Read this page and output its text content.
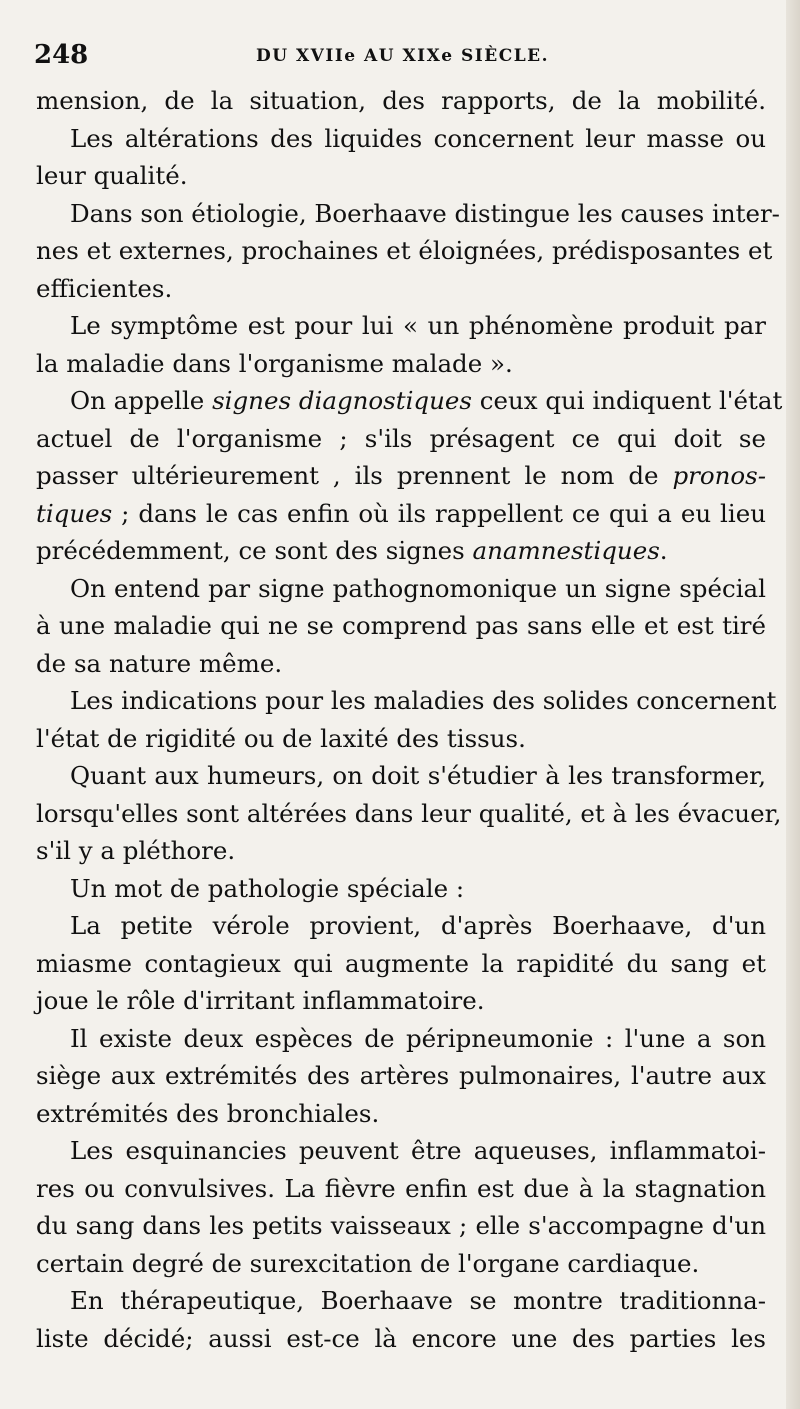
248	DU XVIIe AU XIXe SIÈCLE.
mension, de la situation, des rapports, de la mobilité.
Les altérations des liquides concernent leur masse ou
leur qualité.
Dans son étiologie, Boerhaave distingue les causes inter-
nes et externes, prochaines et éloignées, prédisposantes et
efficientes.
Le symptôme est pour lui « un phénomène produit par
la maladie dans l'organisme malade ».
On appelle signes diagnostiques ceux qui indiquent l'état
actuel de l'organisme ; s'ils présagent ce qui doit se
passer ultérieurement , ils prennent le nom de pronos-
tiques ; dans le cas enfin où ils rappellent ce qui a eu lieu
précédemment, ce sont des signes anamnestiques.
On entend par signe pathognomonique un signe spécial
à une maladie qui ne se comprend pas sans elle et est tiré
de sa nature même.
Les indications pour les maladies des solides concernent
l'état de rigidité ou de laxité des tissus.
Quant aux humeurs, on doit s'étudier à les transformer,
lorsqu'elles sont altérées dans leur qualité, et à les évacuer,
s'il y a pléthore.
Un mot de pathologie spéciale :
La petite vérole provient, d'après Boerhaave, d'un
miasme contagieux qui augmente la rapidité du sang et
joue le rôle d'irritant inflammatoire.
Il existe deux espèces de péripneumonie : l'une a son
siège aux extrémités des artères pulmonaires, l'autre aux
extrémités des bronchiales.
Les esquinancies peuvent être aqueuses, inflammatoi-
res ou convulsives. La fièvre enfin est due à la stagnation
du sang dans les petits vaisseaux ; elle s'accompagne d'un
certain degré de surexcitation de l'organe cardiaque.
En thérapeutique, Boerhaave se montre traditionna-
liste décidé; aussi est-ce là encore une des parties les
